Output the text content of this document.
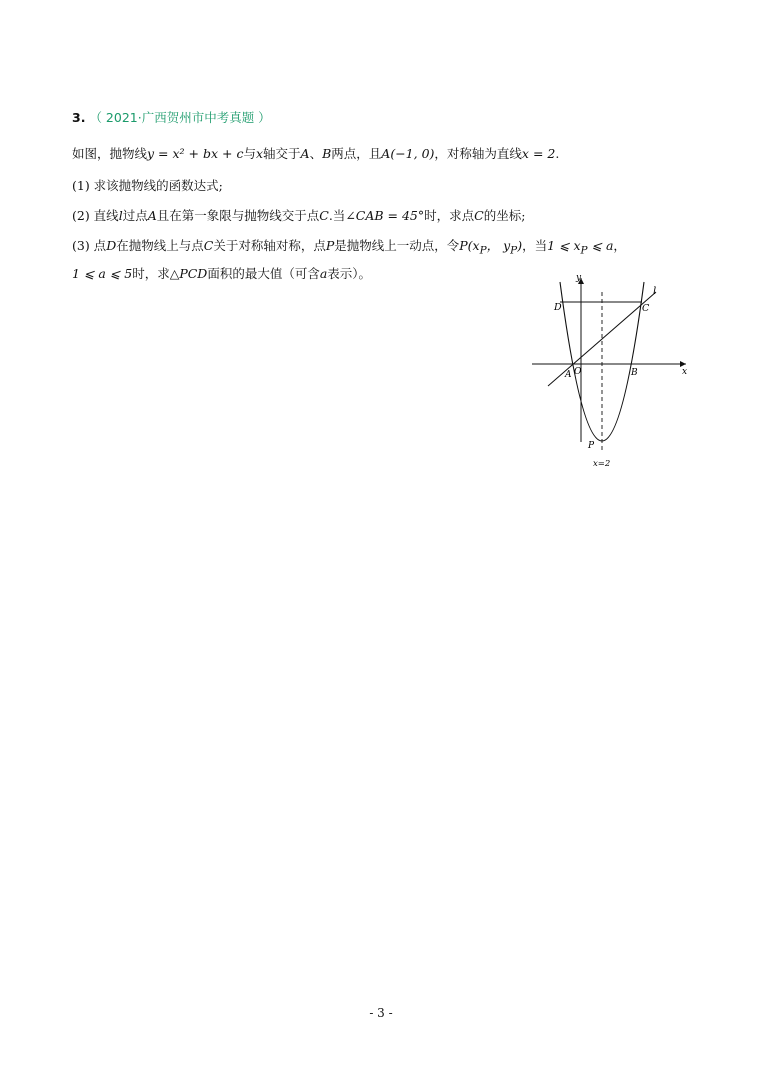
3. （ 2021·广西贺州市中考真题 ）
如图，抛物线y = x² + bx + c与x轴交于A、B两点，且A(−1, 0)，对称轴为直线x = 2.
(1) 求该抛物线的函数达式;
(2) 直线l过点A且在第一象限与抛物线交于点C.当∠CAB = 45°时，求点C的坐标;
(3) 点D在抛物线上与点C关于对称轴对称，点P是抛物线上一动点，令$P(x_P$， $y_P$)，当1 ⩽ $x_P$ ⩽ a，
1 ⩽ a ⩽ 5时，求△PCD面积的最大值（可含a表示）。	y
x
l
D	C
O
A	B
P
x=2
- 3 -
